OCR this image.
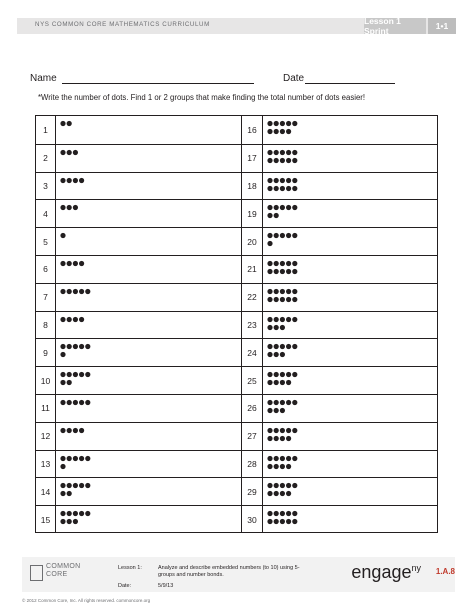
NYS COMMON CORE MATHEMATICS CURRICULUM	Lesson 1 Sprint	1•1
Name	Date
*Write the number of dots. Find 1 or 2 groups that make finding the total number of dots easier!
1	16
2	17
3	18
4	19
5	20
6	21
7	22
8	23
9	24
10	25
11	26
12	27
13	28
14	29
15	30
COMMON
CORE
Lesson 1:	Analyze and describe embedded numbers (to 10) using 5-groups and number bonds.
Date:	5/9/13
engage$^{ny}$ 1.A.8
© 2012 Common Core, Inc. All rights reserved. commoncore.org
